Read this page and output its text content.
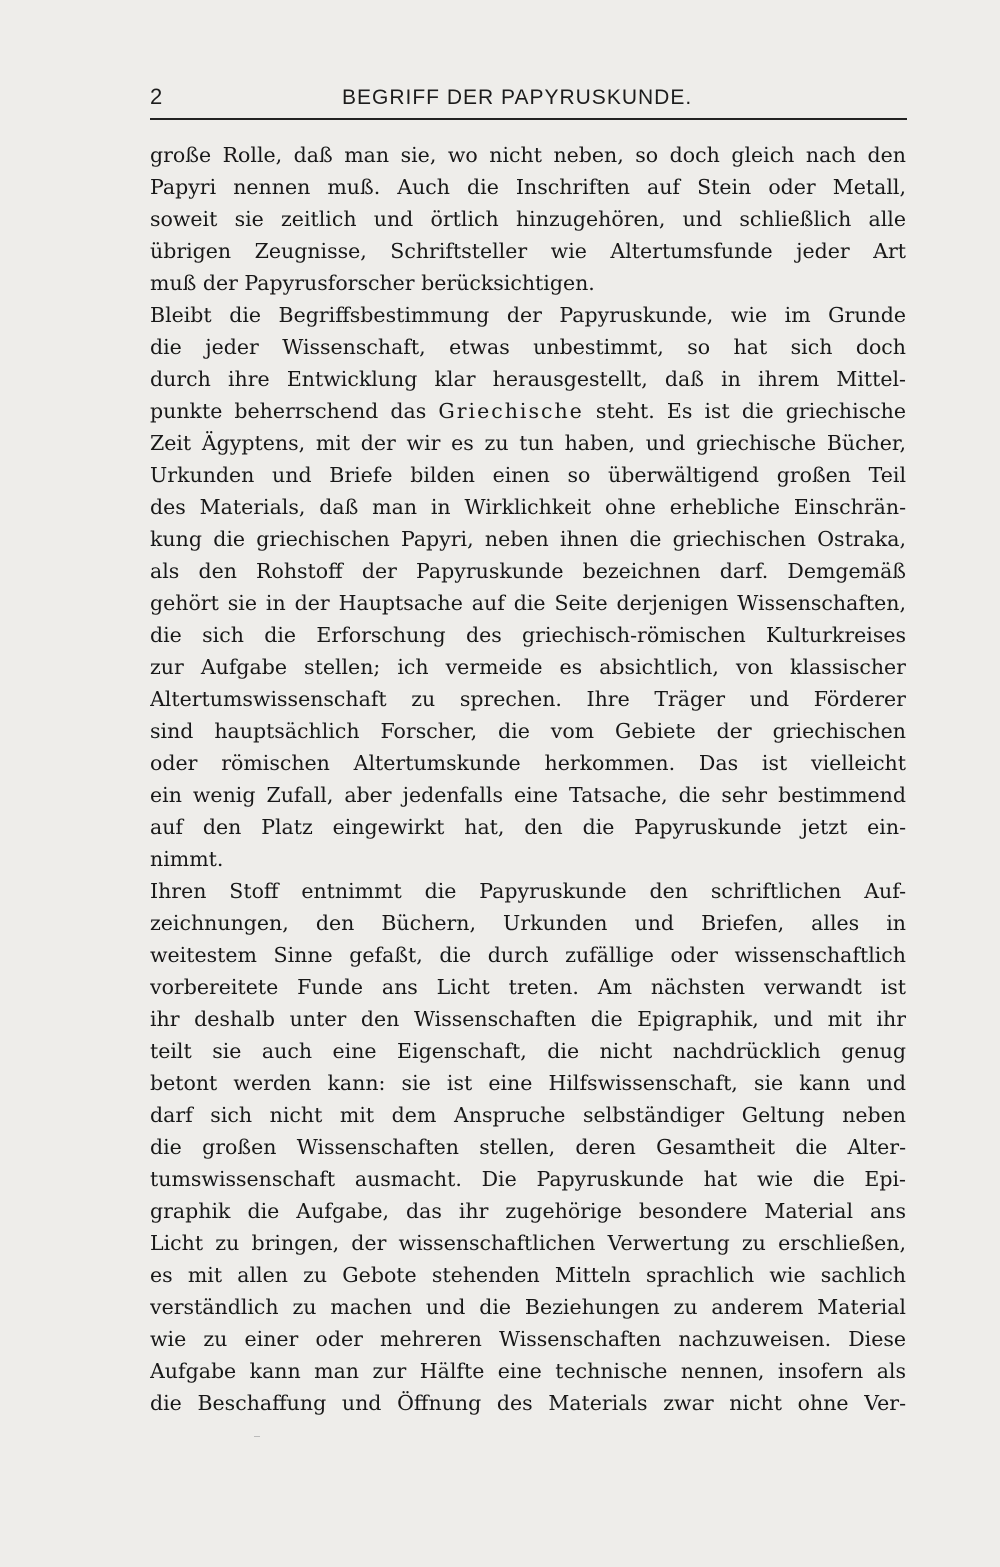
2	BEGRIFF DER PAPYRUSKUNDE.
große Rolle, daß man sie, wo nicht neben, so doch gleich nach den
Papyri nennen muß. Auch die Inschriften auf Stein oder Metall,
soweit sie zeitlich und örtlich hinzugehören, und schließlich alle
übrigen Zeugnisse, Schriftsteller wie Altertumsfunde jeder Art
muß der Papyrusforscher berücksichtigen.
Bleibt die Begriffsbestimmung der Papyruskunde, wie im Grunde
die jeder Wissenschaft, etwas unbestimmt, so hat sich doch
durch ihre Entwicklung klar herausgestellt, daß in ihrem Mittel-
punkte beherrschend das Griechische steht. Es ist die griechische
Zeit Ägyptens, mit der wir es zu tun haben, und griechische Bücher,
Urkunden und Briefe bilden einen so überwältigend großen Teil
des Materials, daß man in Wirklichkeit ohne erhebliche Einschrän-
kung die griechischen Papyri, neben ihnen die griechischen Ostraka,
als den Rohstoff der Papyruskunde bezeichnen darf. Demgemäß
gehört sie in der Hauptsache auf die Seite derjenigen Wissenschaften,
die sich die Erforschung des griechisch-römischen Kulturkreises
zur Aufgabe stellen; ich vermeide es absichtlich, von klassischer
Altertumswissenschaft zu sprechen. Ihre Träger und Förderer
sind hauptsächlich Forscher, die vom Gebiete der griechischen
oder römischen Altertumskunde herkommen. Das ist vielleicht
ein wenig Zufall, aber jedenfalls eine Tatsache, die sehr bestimmend
auf den Platz eingewirkt hat, den die Papyruskunde jetzt ein-
nimmt.
Ihren Stoff entnimmt die Papyruskunde den schriftlichen Auf-
zeichnungen, den Büchern, Urkunden und Briefen, alles in
weitestem Sinne gefaßt, die durch zufällige oder wissenschaftlich
vorbereitete Funde ans Licht treten. Am nächsten verwandt ist
ihr deshalb unter den Wissenschaften die Epigraphik, und mit ihr
teilt sie auch eine Eigenschaft, die nicht nachdrücklich genug
betont werden kann: sie ist eine Hilfswissenschaft, sie kann und
darf sich nicht mit dem Anspruche selbständiger Geltung neben
die großen Wissenschaften stellen, deren Gesamtheit die Alter-
tumswissenschaft ausmacht. Die Papyruskunde hat wie die Epi-
graphik die Aufgabe, das ihr zugehörige besondere Material ans
Licht zu bringen, der wissenschaftlichen Verwertung zu erschließen,
es mit allen zu Gebote stehenden Mitteln sprachlich wie sachlich
verständlich zu machen und die Beziehungen zu anderem Material
wie zu einer oder mehreren Wissenschaften nachzuweisen. Diese
Aufgabe kann man zur Hälfte eine technische nennen, insofern als
die Beschaffung und Öffnung des Materials zwar nicht ohne Ver-
